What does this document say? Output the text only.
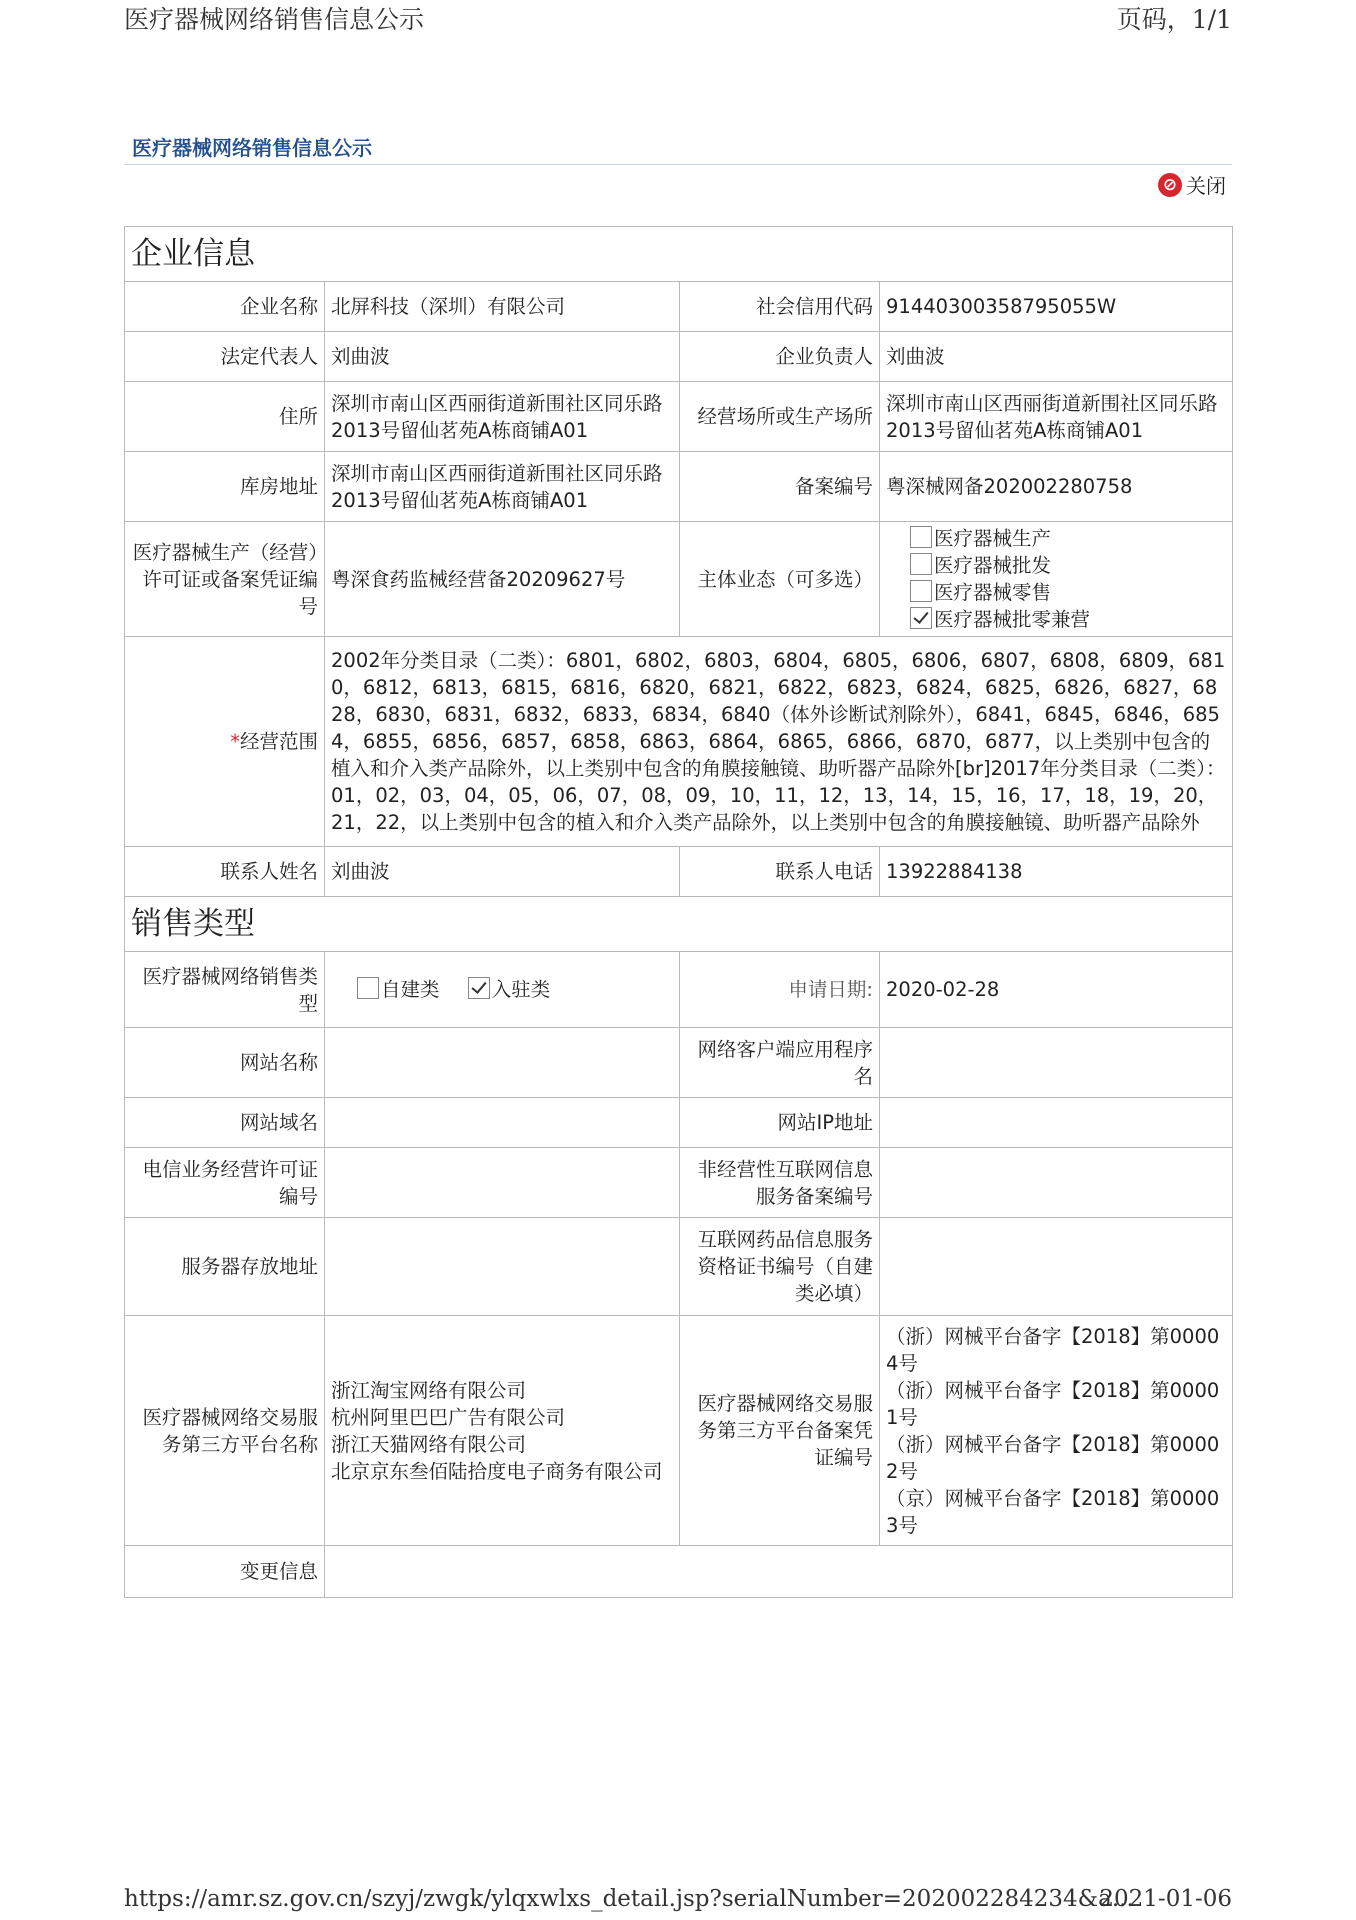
医疗器械网络销售信息公示	页码，1/1
医疗器械网络销售信息公示
⊘ 关闭
企业信息			
企业名称	北屏科技（深圳）有限公司	社会信用代码	91440300358795055W
法定代表人	刘曲波	企业负责人	刘曲波
住所	深圳市南山区西丽街道新围社区同乐路2013号留仙茗苑A栋商铺A01	经营场所或生产场所	深圳市南山区西丽街道新围社区同乐路2013号留仙茗苑A栋商铺A01
库房地址	深圳市南山区西丽街道新围社区同乐路2013号留仙茗苑A栋商铺A01	备案编号	粤深械网备202002280758
医疗器械生产（经营）许可证或备案凭证编号	粤深食药监械经营备20209627号	主体业态（可多选）	医疗器械生产 医疗器械批发 医疗器械零售 医疗器械批零兼营
*经营范围	2002年分类目录（二类）：6801，6802，6803，6804，6805，6806，6807，6808，6809，6810，6812，6813，6815，6816，6820，6821，6822，6823，6824，6825，6826，6827，6828，6830，6831，6832，6833，6834，6840（体外诊断试剂除外），6841，6845，6846，6854，6855，6856，6857，6858，6863，6864，6865，6866，6870，6877，以上类别中包含的植入和介入类产品除外，以上类别中包含的角膜接触镜、助听器产品除外[br]2017年分类目录（二类）：01，02，03，04，05，06，07，08，09，10，11，12，13，14，15，16，17，18，19，20，21，22，以上类别中包含的植入和介入类产品除外，以上类别中包含的角膜接触镜、助听器产品除外		
联系人姓名	刘曲波	联系人电话	13922884138
销售类型			
医疗器械网络销售类型	自建类 入驻类	申请日期:	2020-02-28
网站名称		网络客户端应用程序名	
网站域名		网站IP地址	
电信业务经营许可证编号		非经营性互联网信息服务备案编号	
服务器存放地址		互联网药品信息服务资格证书编号（自建类必填）	
医疗器械网络交易服务第三方平台名称	浙江淘宝网络有限公司
杭州阿里巴巴广告有限公司
浙江天猫网络有限公司
北京京东叁佰陆拾度电子商务有限公司	医疗器械网络交易服务第三方平台备案凭证编号	（浙）网械平台备字【2018】第00004号
（浙）网械平台备字【2018】第00001号
（浙）网械平台备字【2018】第00002号
（京）网械平台备字【2018】第00003号
变更信息			
https://amr.sz.gov.cn/szyj/zwgk/ylqxwlxs_detail.jsp?serialNumber=202002284234&a...
2021-01-06
